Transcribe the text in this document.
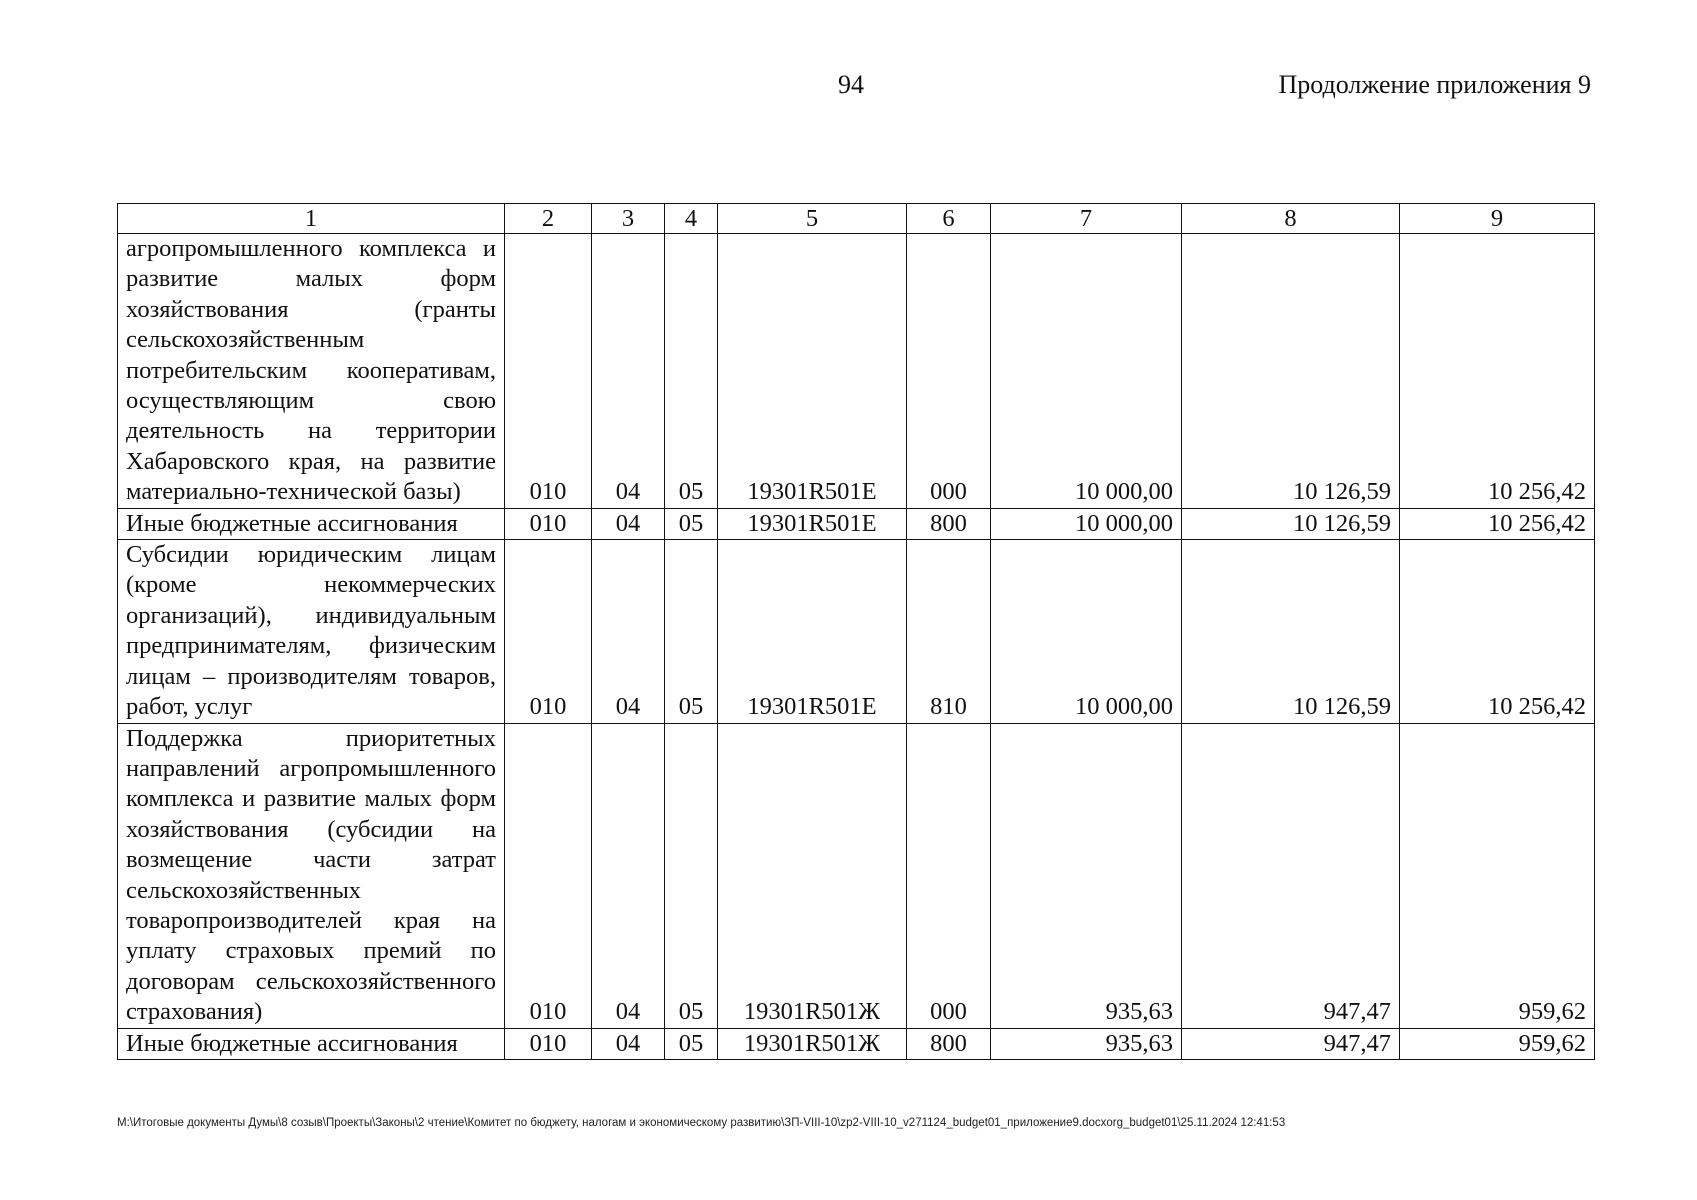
94	Продолжение приложения 9
1	2	3	4	5	6	7	8	9
агропромышленного комплекса и развитие малых форм хозяйствования (гранты сельскохозяйственным потребительским кооперативам, осуществляющим свою деятельность на территории Хабаровского края, на развитие материально-технической базы)	010	04	05	19301R501Е	000	10 000,00	10 126,59	10 256,42
Иные бюджетные ассигнования	010	04	05	19301R501Е	800	10 000,00	10 126,59	10 256,42
Субсидии юридическим лицам (кроме некоммерческих организаций), индивидуальным предпринимателям, физическим лицам – производителям товаров, работ, услуг	010	04	05	19301R501Е	810	10 000,00	10 126,59	10 256,42
Поддержка приоритетных направлений агропромышленного комплекса и развитие малых форм хозяйствования (субсидии на возмещение части затрат сельскохозяйственных товаропроизводителей края на уплату страховых премий по договорам сельскохозяйственного страхования)	010	04	05	19301R501Ж	000	935,63	947,47	959,62
Иные бюджетные ассигнования	010	04	05	19301R501Ж	800	935,63	947,47	959,62
M:\Итоговые документы Думы\8 созыв\Проекты\Законы\2 чтение\Комитет по бюджету, налогам и экономическому развитию\ЗП-VIII-10\zp2-VIII-10_v271124_budget01_приложение9.docxorg_budget01\25.11.2024 12:41:53
